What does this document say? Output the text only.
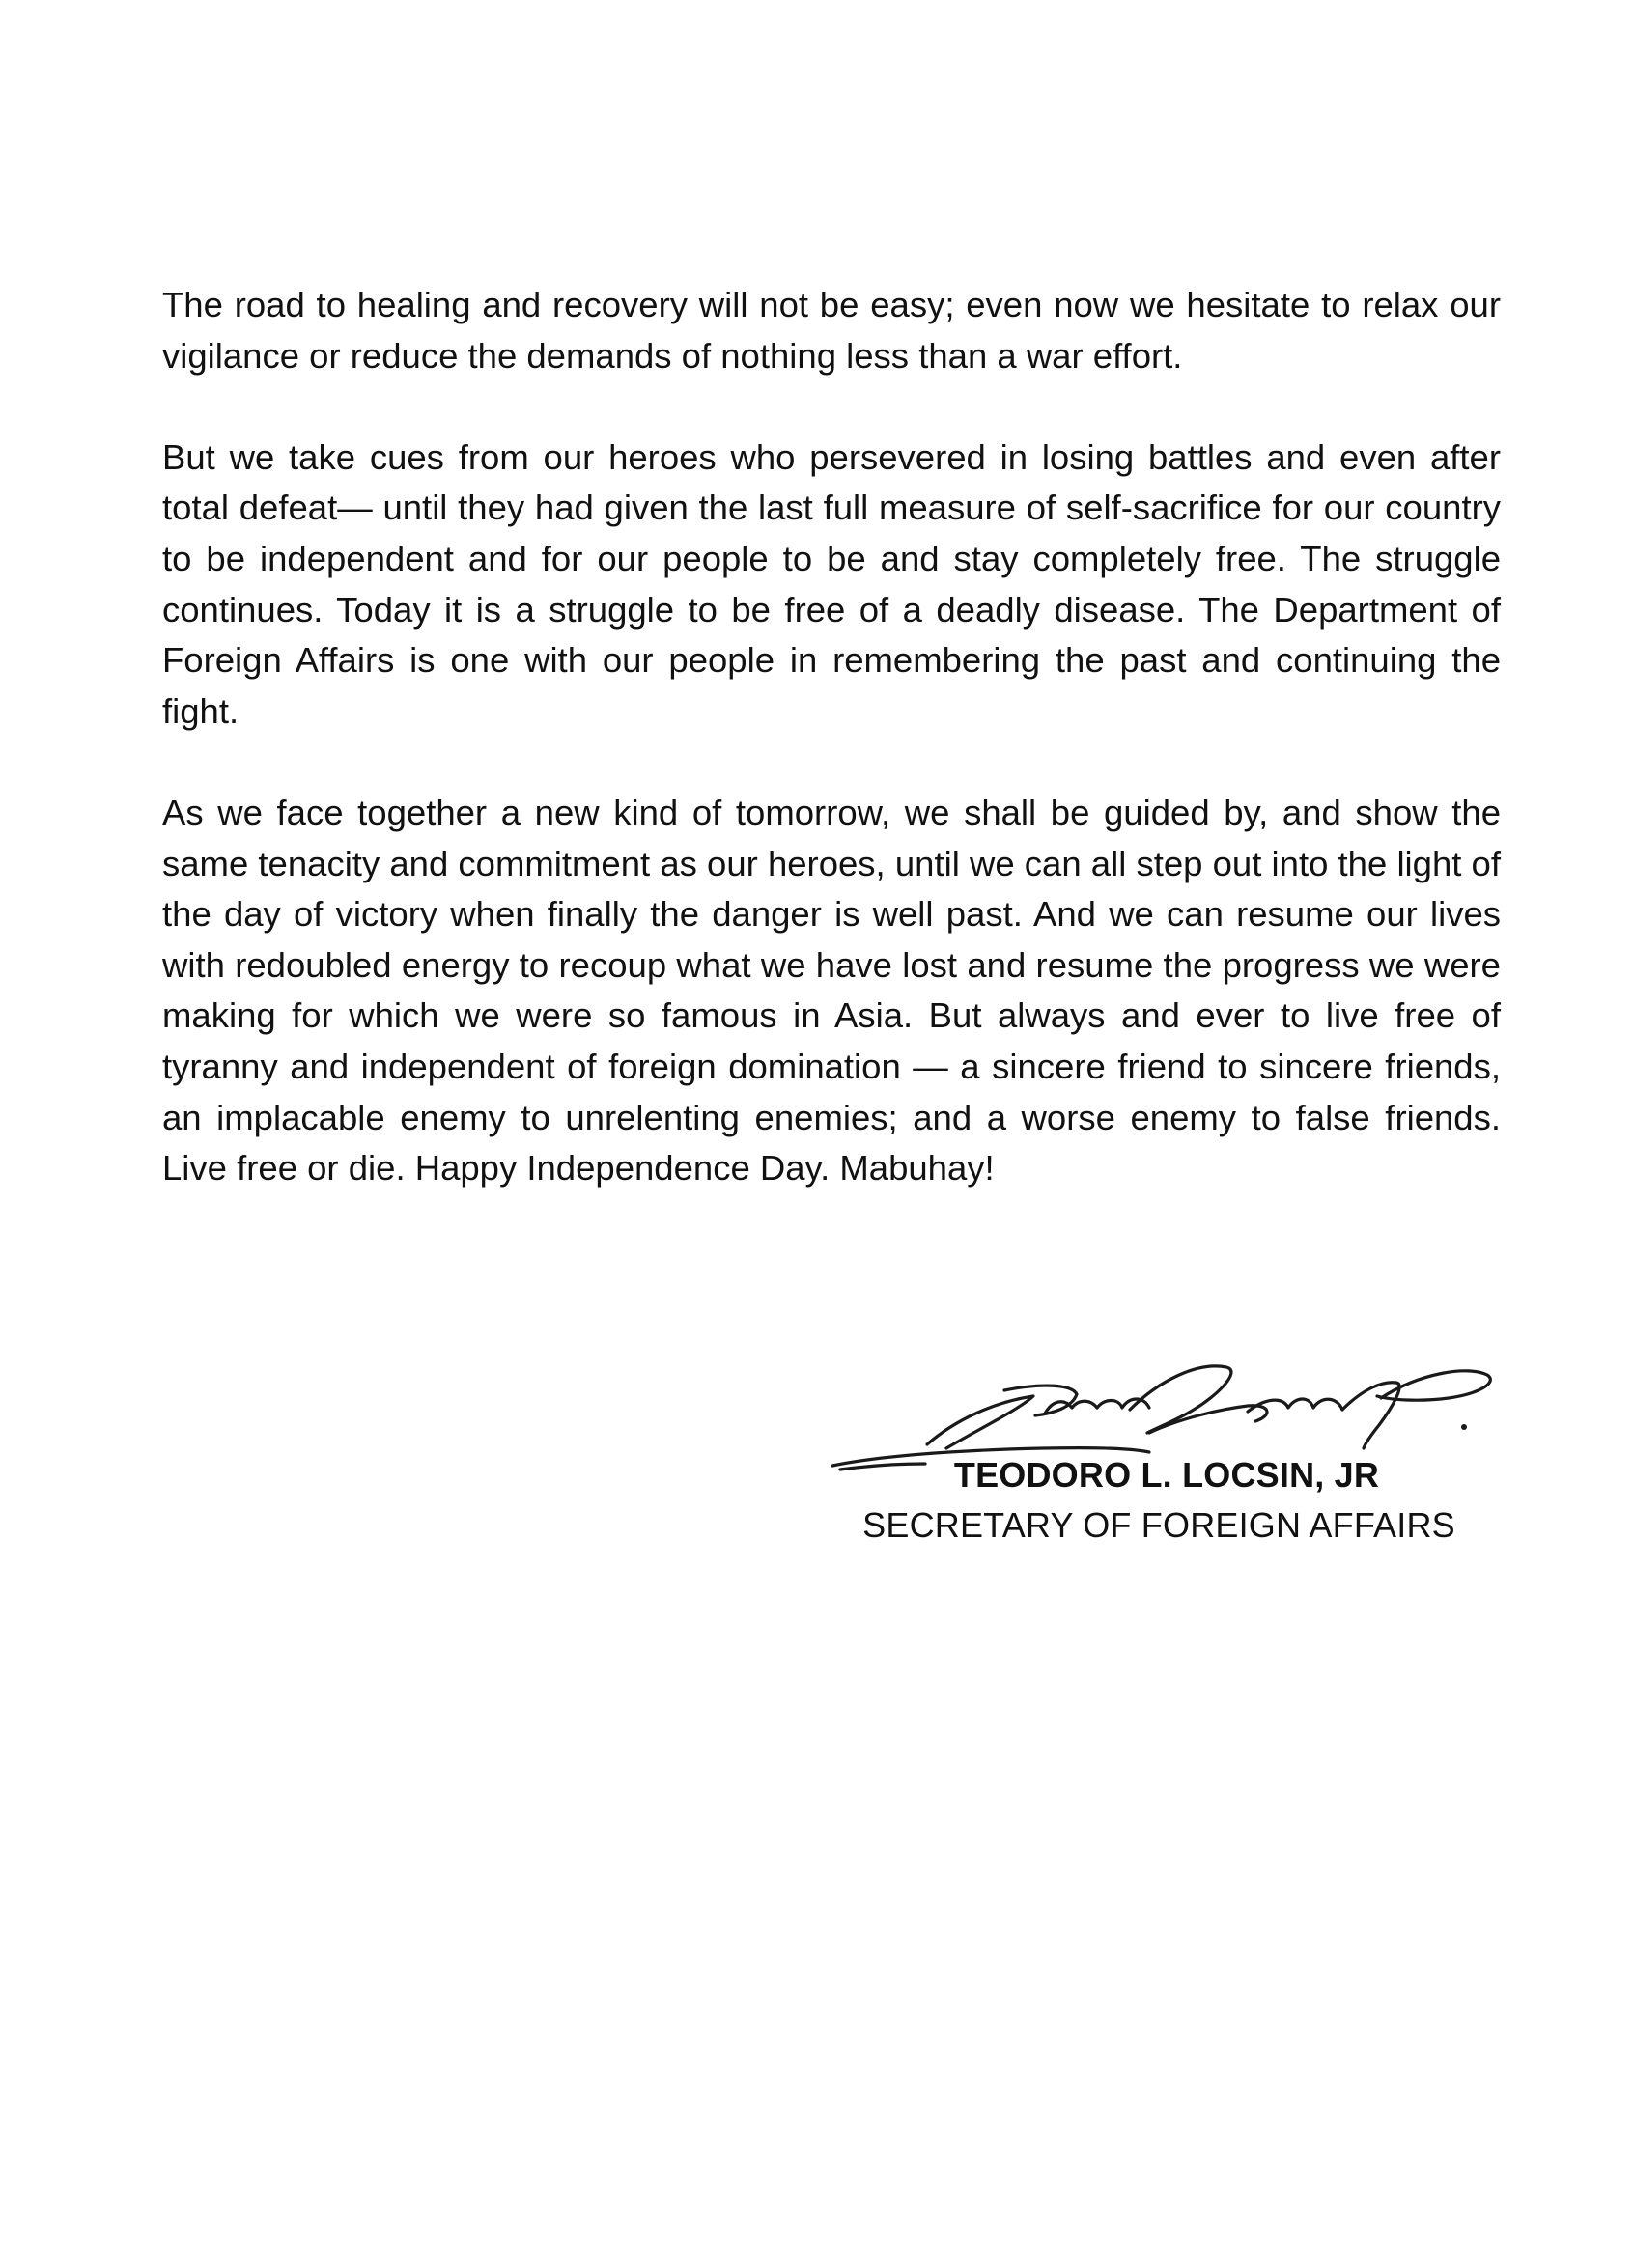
The road to healing and recovery will not be easy; even now we hesitate to relax our vigilance or reduce the demands of nothing less than a war effort.

But we take cues from our heroes who persevered in losing battles and even after total defeat— until they had given the last full measure of self-sacrifice for our country to be independent and for our people to be and stay completely free. The struggle continues. Today it is a struggle to be free of a deadly disease. The Department of Foreign Affairs is one with our people in remembering the past and continuing the fight.

As we face together a new kind of tomorrow, we shall be guided by, and show the same tenacity and commitment as our heroes, until we can all step out into the light of the day of victory when finally the danger is well past. And we can resume our lives with redoubled energy to recoup what we have lost and resume the progress we were making for which we were so famous in Asia. But always and ever to live free of tyranny and independent of foreign domination — a sincere friend to sincere friends, an implacable enemy to unrelenting enemies; and a worse enemy to false friends. Live free or die. Happy Independence Day. Mabuhay!

TEODORO L. LOCSIN, JR
SECRETARY OF FOREIGN AFFAIRS
